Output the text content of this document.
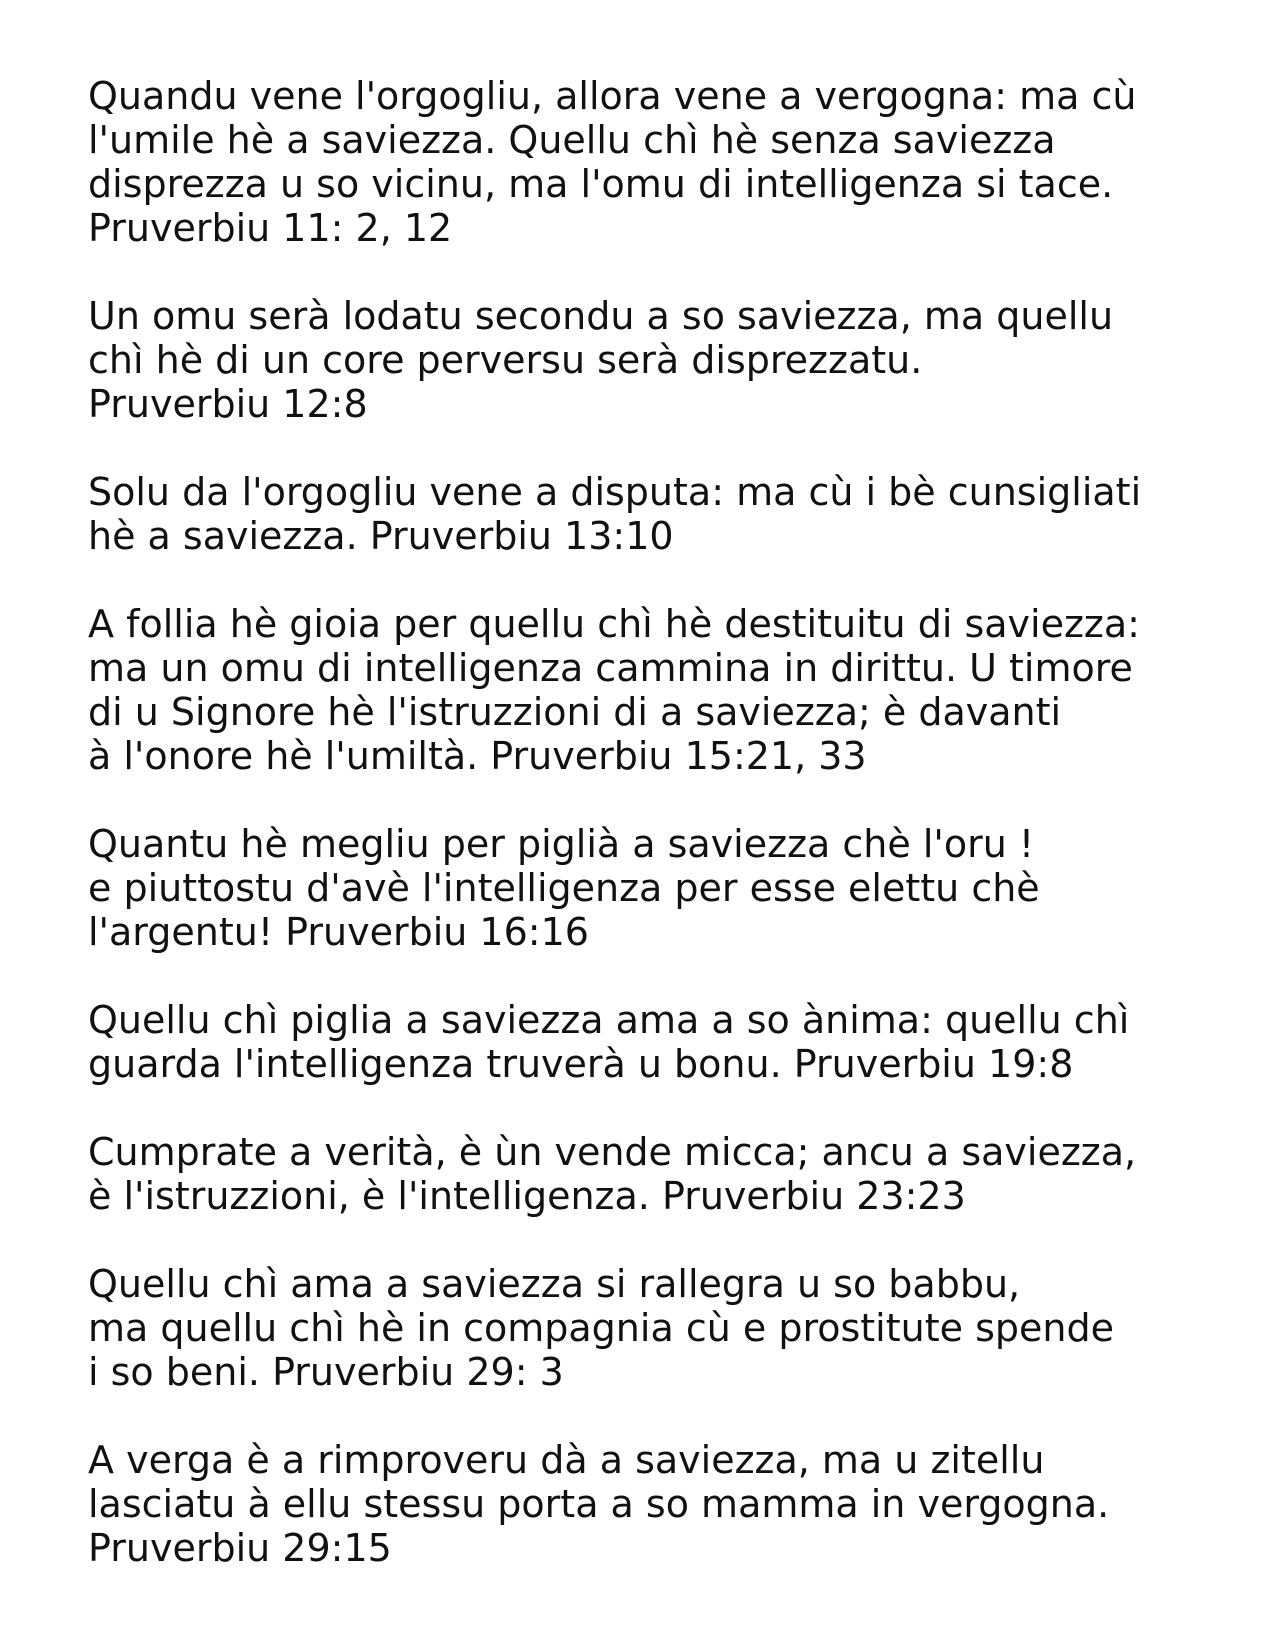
Quandu vene l'orgogliu, allora vene a vergogna: ma cù
l'umile hè a saviezza. Quellu chì hè senza saviezza
disprezza u so vicinu, ma l'omu di intelligenza si tace.
Pruverbiu 11: 2, 12
Un omu serà lodatu secondu a so saviezza, ma quellu
chì hè di un core perversu serà disprezzatu.
Pruverbiu 12:8
Solu da l'orgogliu vene a disputa: ma cù i bè cunsigliati
hè a saviezza. Pruverbiu 13:10
A follia hè gioia per quellu chì hè destituitu di saviezza:
ma un omu di intelligenza cammina in dirittu. U timore
di u Signore hè l'istruzzioni di a saviezza; è davanti
à l'onore hè l'umiltà. Pruverbiu 15:21, 33
Quantu hè megliu per piglià a saviezza chè l'oru !
e piuttostu d'avè l'intelligenza per esse elettu chè
l'argentu! Pruverbiu 16:16
Quellu chì piglia a saviezza ama a so ànima: quellu chì
guarda l'intelligenza truverà u bonu. Pruverbiu 19:8
Cumprate a verità, è ùn vende micca; ancu a saviezza,
è l'istruzzioni, è l'intelligenza. Pruverbiu 23:23
Quellu chì ama a saviezza si rallegra u so babbu,
ma quellu chì hè in compagnia cù e prostitute spende
i so beni. Pruverbiu 29: 3
A verga è a rimproveru dà a saviezza, ma u zitellu
lasciatu à ellu stessu porta a so mamma in vergogna.
Pruverbiu 29:15
